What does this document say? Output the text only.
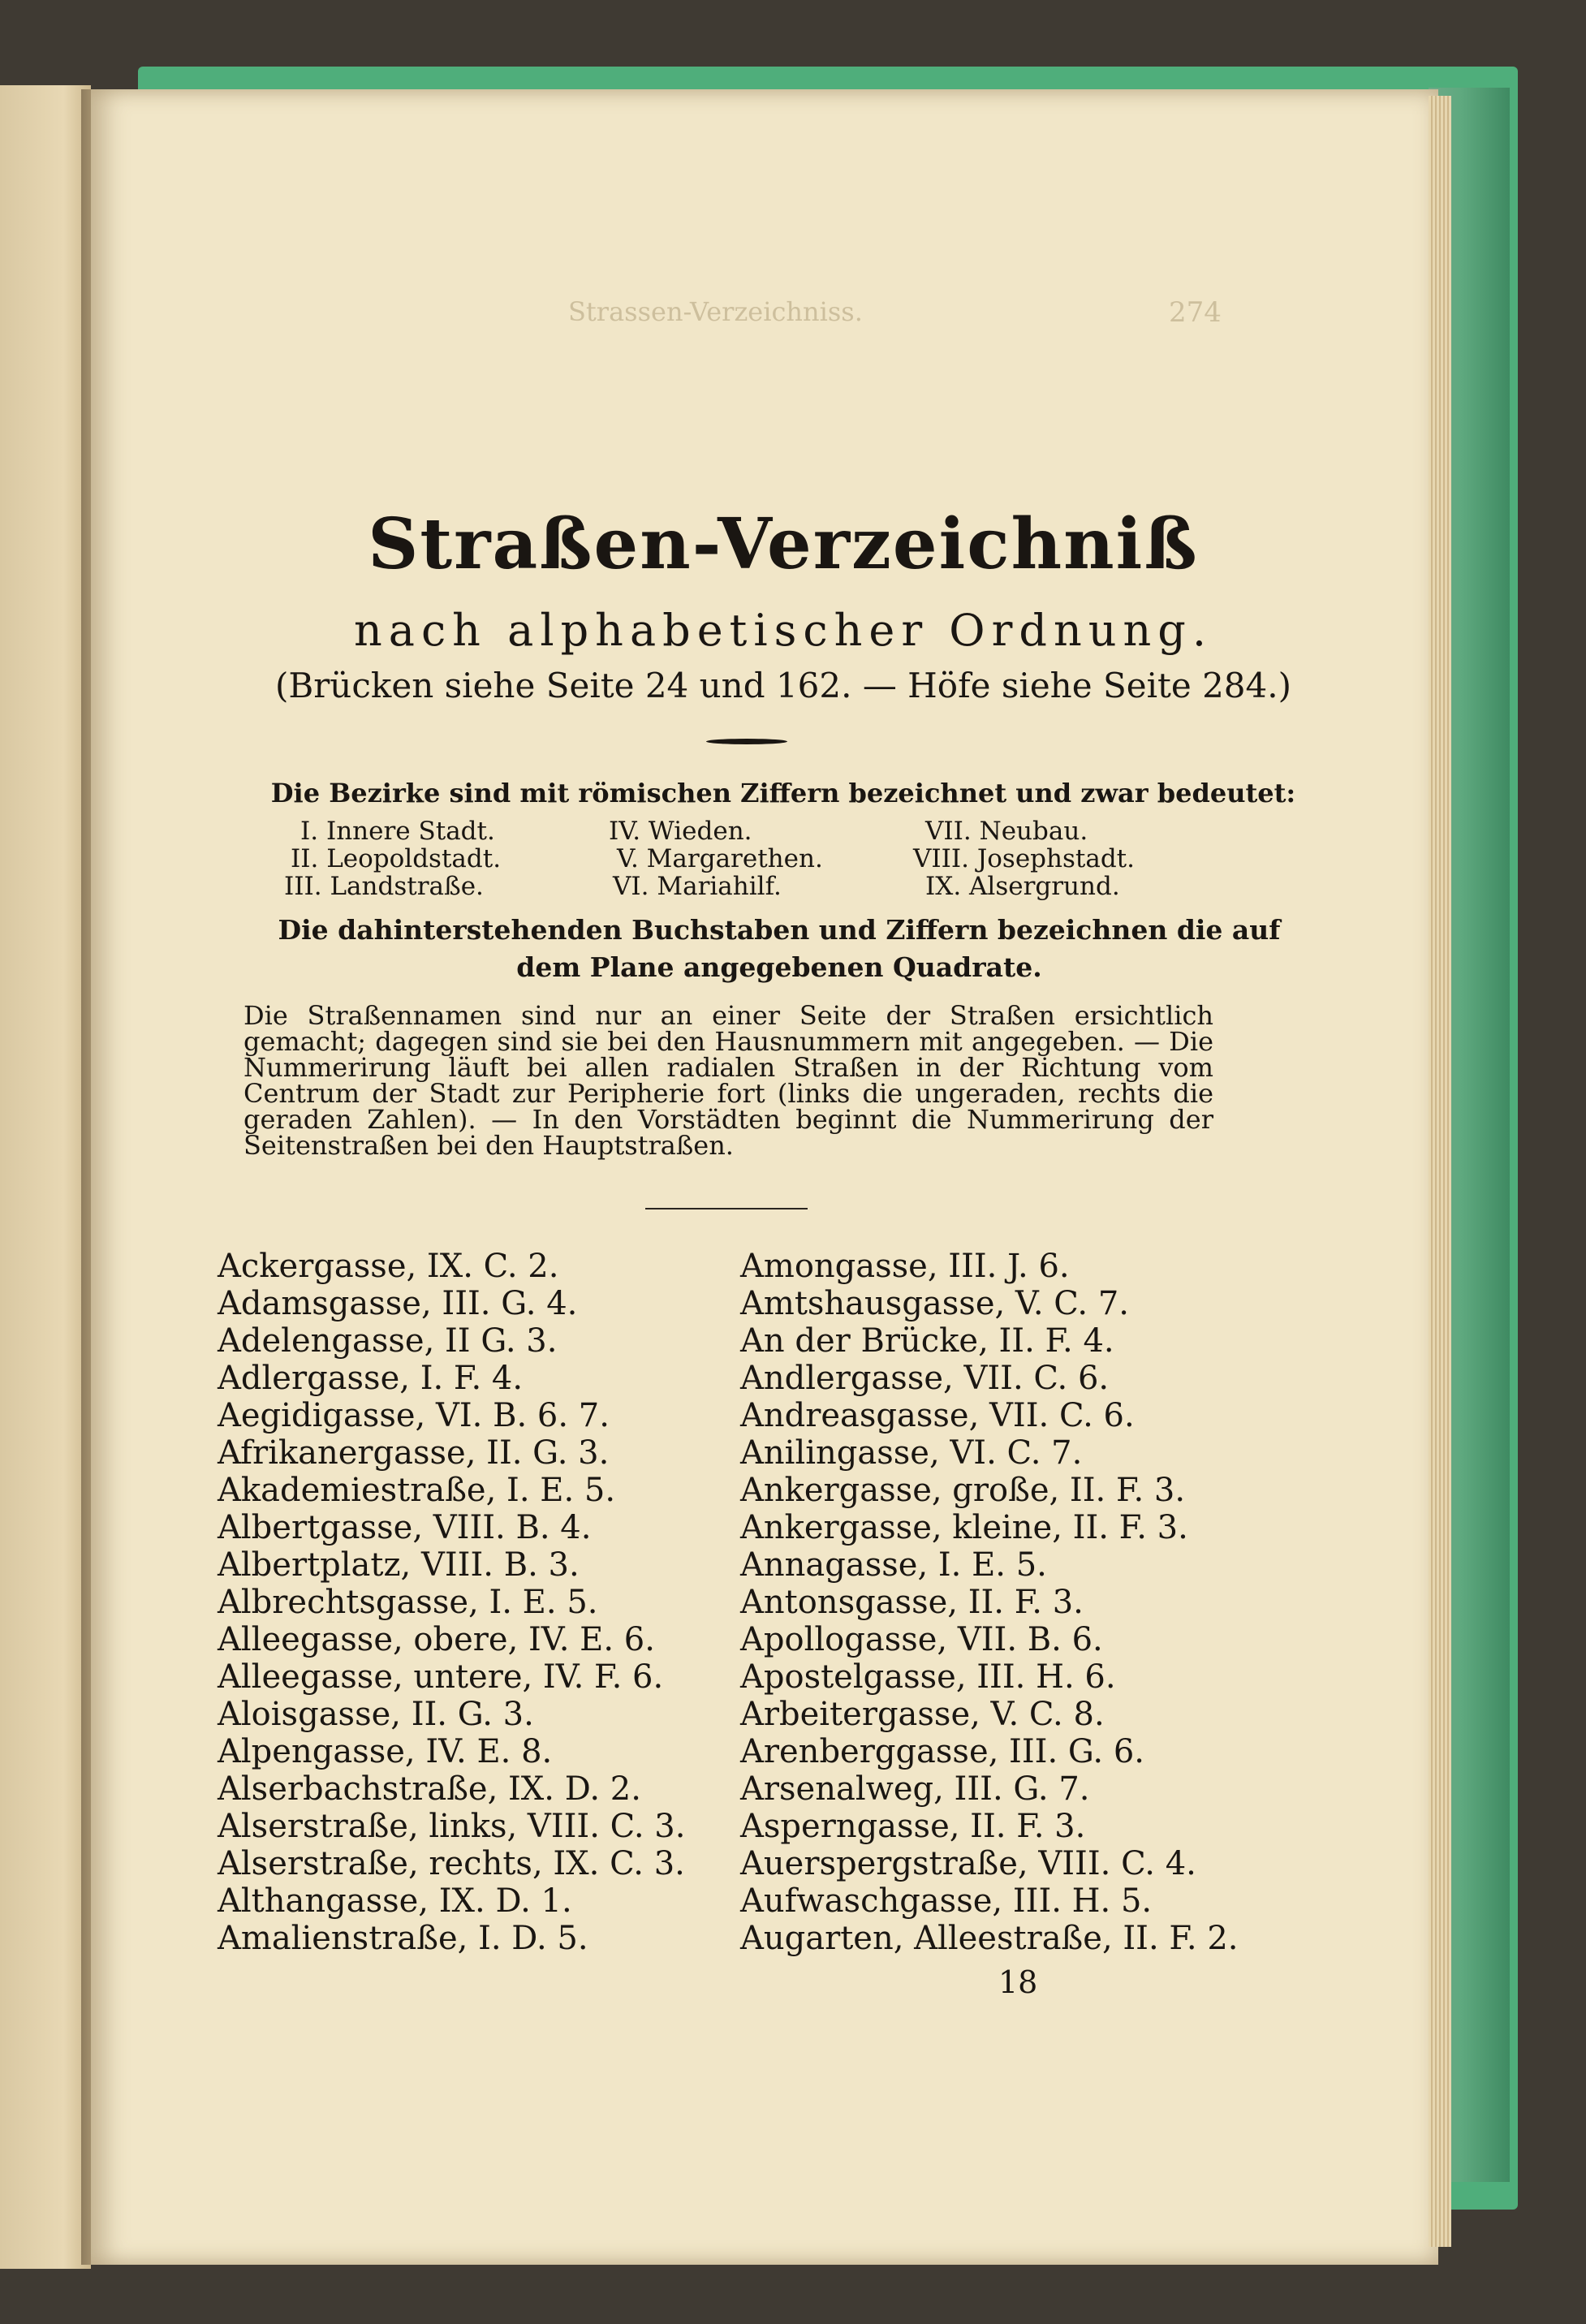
Strassen-Verzeichniss.	274
Straßen-Verzeichniß
nach alphabetischer Ordnung.
(Brücken siehe Seite 24 und 162. — Höfe siehe Seite 284.)
Die Bezirke sind mit römischen Ziffern bezeichnet und zwar bedeutet:
I. Innere Stadt.	IV. Wieden.	VII. Neubau.
II. Leopoldstadt.	V. Margarethen.	VIII. Josephstadt.
III. Landstraße.	VI. Mariahilf.	IX. Alsergrund.
Die dahinterstehenden Buchstaben und Ziffern bezeichnen die auf dem Plane angegebenen Quadrate.
Die Straßennamen sind nur an einer Seite der Straßen ersichtlich gemacht; dagegen sind sie bei den Hausnummern mit angegeben. — Die Nummerirung läuft bei allen radialen Straßen in der Richtung vom Centrum der Stadt zur Peripherie fort (links die ungeraden, rechts die geraden Zahlen). — In den Vorstädten beginnt die Nummerirung der Seitenstraßen bei den Hauptstraßen.
Ackergasse, IX. C. 2.
Adamsgasse, III. G. 4.
Adelengasse, II G. 3.
Adlergasse, I. F. 4.
Aegidigasse, VI. B. 6. 7.
Afrikanergasse, II. G. 3.
Akademiestraße, I. E. 5.
Albertgasse, VIII. B. 4.
Albertplatz, VIII. B. 3.
Albrechtsgasse, I. E. 5.
Alleegasse, obere, IV. E. 6.
Alleegasse, untere, IV. F. 6.
Aloisgasse, II. G. 3.
Alpengasse, IV. E. 8.
Alserbachstraße, IX. D. 2.
Alserstraße, links, VIII. C. 3.
Alserstraße, rechts, IX. C. 3.
Althangasse, IX. D. 1.
Amalienstraße, I. D. 5.
Amongasse, III. J. 6.
Amtshausgasse, V. C. 7.
An der Brücke, II. F. 4.
Andlergasse, VII. C. 6.
Andreasgasse, VII. C. 6.
Anilingasse, VI. C. 7.
Ankergasse, große, II. F. 3.
Ankergasse, kleine, II. F. 3.
Annagasse, I. E. 5.
Antonsgasse, II. F. 3.
Apollogasse, VII. B. 6.
Apostelgasse, III. H. 6.
Arbeitergasse, V. C. 8.
Arenberggasse, III. G. 6.
Arsenalweg, III. G. 7.
Asperngasse, II. F. 3.
Auerspergstraße, VIII. C. 4.
Aufwaschgasse, III. H. 5.
Augarten, Alleestraße, II. F. 2.
18
